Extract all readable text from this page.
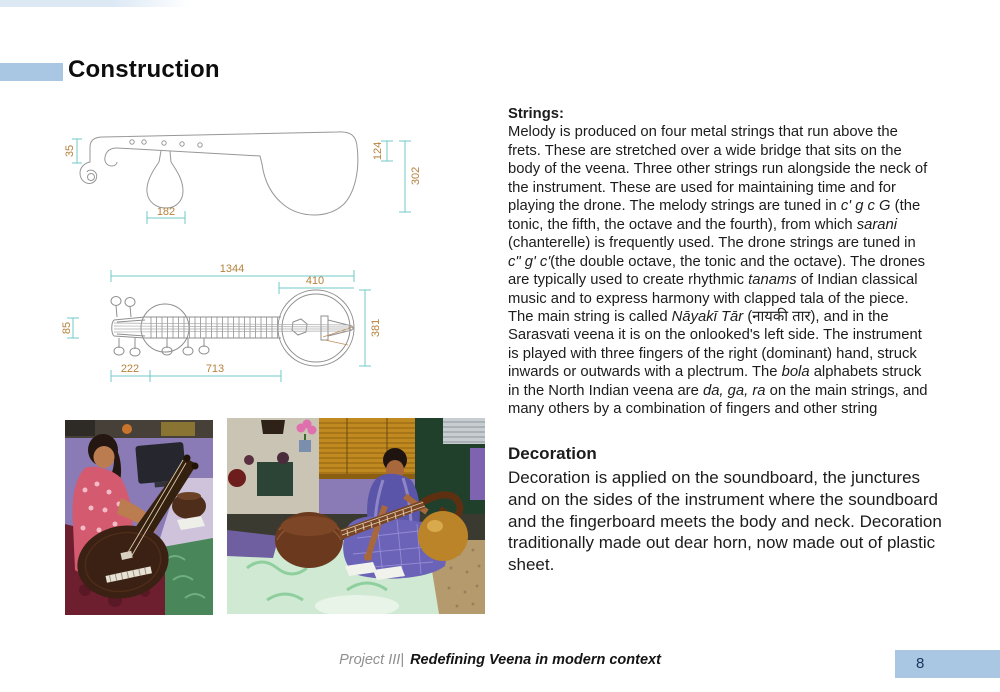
Construction
35
182
124
302
1344
410
85	381
222	713
Strings:

Melody is produced on four metal strings that run above the frets. These are stretched over a wide bridge that sits on the body of the veena. Three other strings run alongside the neck of the instrument. These are used for maintaining time and for playing the drone. The melody strings are tuned in c' g c G (the tonic, the fifth, the octave and the fourth), from which sarani (chanterelle) is frequently used. The drone strings are tuned in c" g' c'(the double octave, the tonic and the octave). The drones are typically used to create rhythmic tanams of Indian classical music and to express harmony with clapped tala of the piece. The main string is called Nāyakī Tār (नायकी तार), and in the Sarasvati veena it is on the onlooked's left side. The instrument is played with three fingers of the right (dominant) hand, struck inwards or outwards with a plectrum. The bola alphabets struck in the North Indian veena are da, ga, ra on the main strings, and many others by a combination of fingers and other string

Decoration

Decoration is applied on the soundboard, the junctures and on the sides of the instrument where the soundboard and the fingerboard meets the body and neck. Decoration traditionally made out dear horn, now made out of plastic sheet.

Project III| Redefining Veena in modern context	8
